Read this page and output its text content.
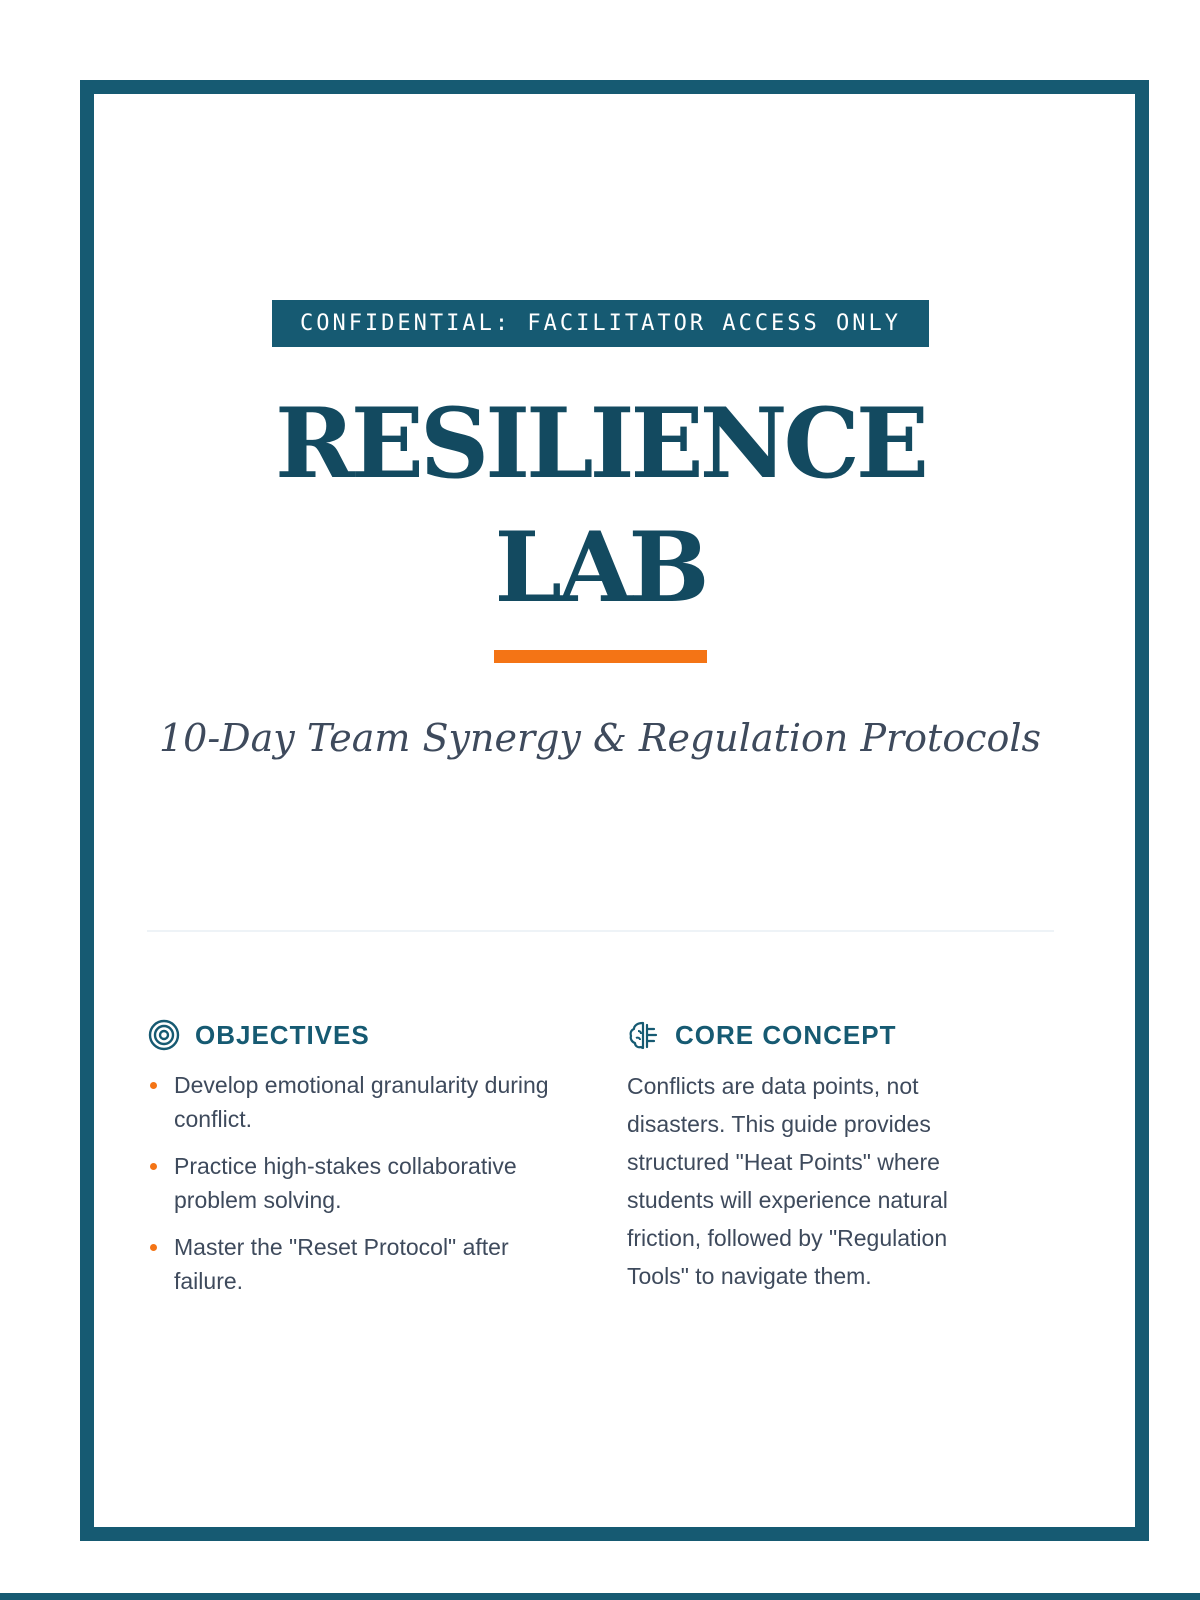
CONFIDENTIAL: FACILITATOR ACCESS ONLY
RESILIENCE
LAB
10-Day Team Synergy & Regulation Protocols
OBJECTIVES
Develop emotional granularity during conflict.
Practice high-stakes collaborative problem solving.
Master the "Reset Protocol" after failure.
CORE CONCEPT
Conflicts are data points, not disasters. This guide provides structured "Heat Points" where students will experience natural friction, followed by "Regulation Tools" to navigate them.
